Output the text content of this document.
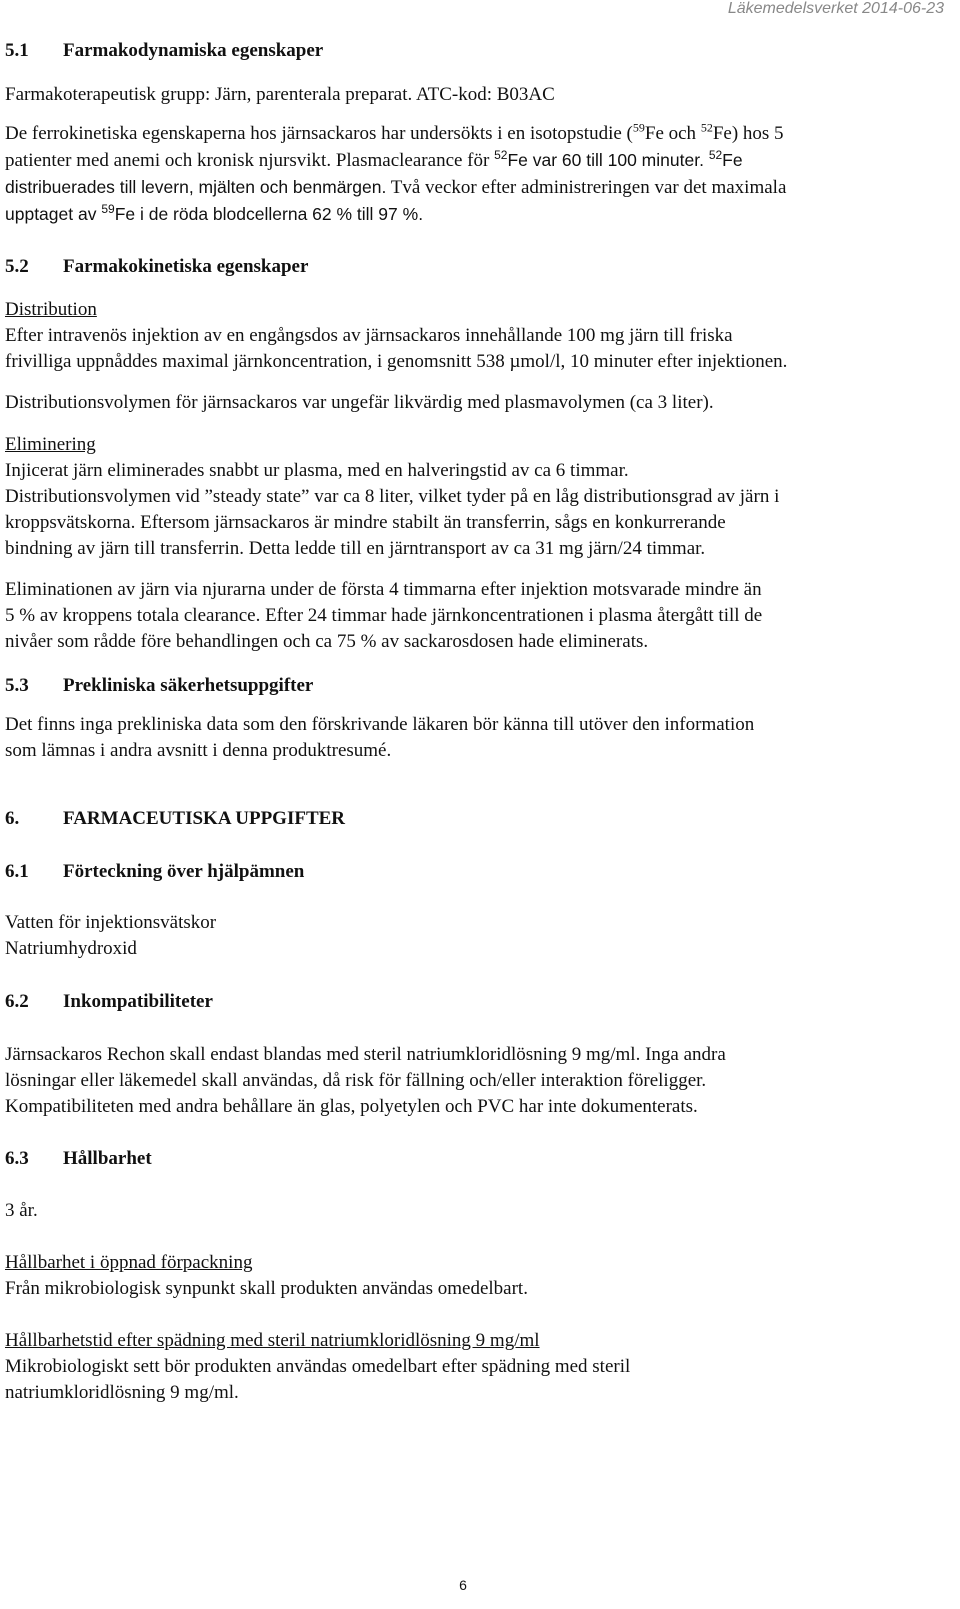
Läkemedelsverket 2014-06-23
5.1 Farmakodynamiska egenskaper

Farmakoterapeutisk grupp: Järn, parenterala preparat. ATC-kod: B03AC

De ferrokinetiska egenskaperna hos järnsackaros har undersökts i en isotopstudie ($^{59}$Fe och $^{52}$Fe) hos 5
patienter med anemi och kronisk njursvikt. Plasmaclearance för $^{52}$Fe var 60 till 100 minuter. $^{52}$Fe
distribuerades till levern, mjälten och benmärgen. Två veckor efter administreringen var det maximala
upptaget av $^{59}$Fe i de röda blodcellerna 62 % till 97 %.

5.2 Farmakokinetiska egenskaper

Distribution

Efter intravenös injektion av en engångsdos av järnsackaros innehållande 100 mg järn till friska
frivilliga uppnåddes maximal järnkoncentration, i genomsnitt 538 µmol/l, 10 minuter efter injektionen.

Distributionsvolymen för järnsackaros var ungefär likvärdig med plasmavolymen (ca 3 liter).

Eliminering

Injicerat järn eliminerades snabbt ur plasma, med en halveringstid av ca 6 timmar.
Distributionsvolymen vid ”steady state” var ca 8 liter, vilket tyder på en låg distributionsgrad av järn i
kroppsvätskorna. Eftersom järnsackaros är mindre stabilt än transferrin, sågs en konkurrerande
bindning av järn till transferrin. Detta ledde till en järntransport av ca 31 mg järn/24 timmar.

Eliminationen av järn via njurarna under de första 4 timmarna efter injektion motsvarade mindre än
5 % av kroppens totala clearance. Efter 24 timmar hade järnkoncentrationen i plasma återgått till de
nivåer som rådde före behandlingen och ca 75 % av sackarosdosen hade eliminerats.

5.3 Prekliniska säkerhetsuppgifter

Det finns inga prekliniska data som den förskrivande läkaren bör känna till utöver den information
som lämnas i andra avsnitt i denna produktresumé.

6. FARMACEUTISKA UPPGIFTER
6.1 Förteckning över hjälpämnen

Vatten för injektionsvätskor
Natriumhydroxid

6.2 Inkompatibiliteter

Järnsackaros Rechon skall endast blandas med steril natriumkloridlösning 9 mg/ml. Inga andra
lösningar eller läkemedel skall användas, då risk för fällning och/eller interaktion föreligger.
Kompatibiliteten med andra behållare än glas, polyetylen och PVC har inte dokumenterats.

6.3 Hållbarhet

3 år.

Hållbarhet i öppnad förpackning

Från mikrobiologisk synpunkt skall produkten användas omedelbart.

Hållbarhetstid efter spädning med steril natriumkloridlösning 9 mg/ml

Mikrobiologiskt sett bör produkten användas omedelbart efter spädning med steril
natriumkloridlösning 9 mg/ml.

6
